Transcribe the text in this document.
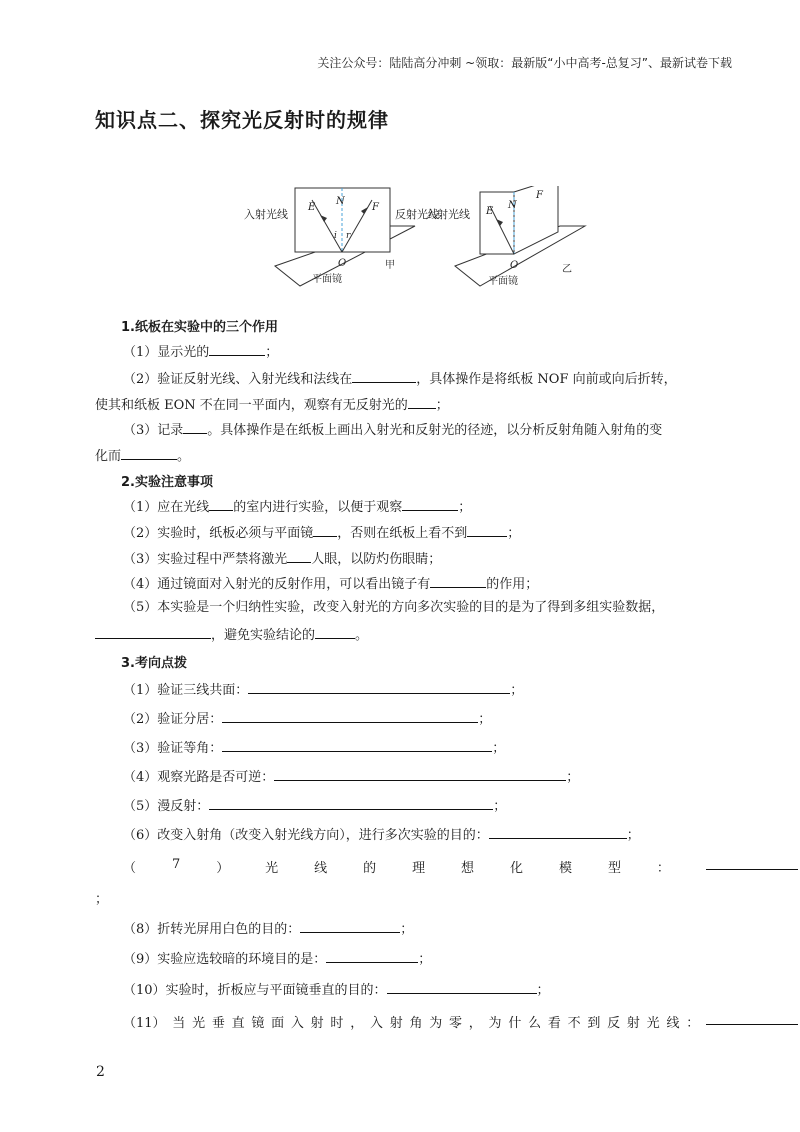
关注公众号：陆陆高分冲刺 ~领取：最新版“小中高考-总复习”、最新试卷下载
知识点二、探究光反射时的规律
入射光线	反射光线
E
N
F
i r
O
平面镜
甲
入射光线 E
N
F
O
平面镜
乙
1.纸板在实验中的三个作用
（1）显示光的	；
（2）验证反射光线、入射光线和法线在	，具体操作是将纸板 NOF 向前或向后折转，
使其和纸板 EON 不在同一平面内，观察有无反射光的 ；
（3）记录 。具体操作是在纸板上画出入射光和反射光的径迹，以分析反射角随入射角的变
化而	。
2.实验注意事项
（1）应在光线 的室内进行实验，以便于观察	；
（2）实验时，纸板必须与平面镜 ，否则在纸板上看不到	；
（3）实验过程中严禁将激光 人眼，以防灼伤眼睛；
（4）通过镜面对入射光的反射作用，可以看出镜子有	的作用；
（5）本实验是一个归纳性实验，改变入射光的方向多次实验的目的是为了得到多组实验数据，
，避免实验结论的	。
3.考向点拨
（1）验证三线共面：	；
（2）验证分居：	；
（3）验证等角：	；
（4）观察光路是否可逆：	；
（5）漫反射：	；
（6）改变入射角（改变入射光线方向），进行多次实验的目的：	；
（	7	）	光	线	的	理	想	化	模	型	：
；
（8）折转光屏用白色的目的：	；
（9）实验应选较暗的环境目的是：	；
（10）实验时，折板应与平面镜垂直的目的：	；
（11） 当 光 垂 直 镜 面 入 射 时 ， 入 射 角 为 零 ， 为 什 么 看 不 到 反 射 光 线 ：
2
